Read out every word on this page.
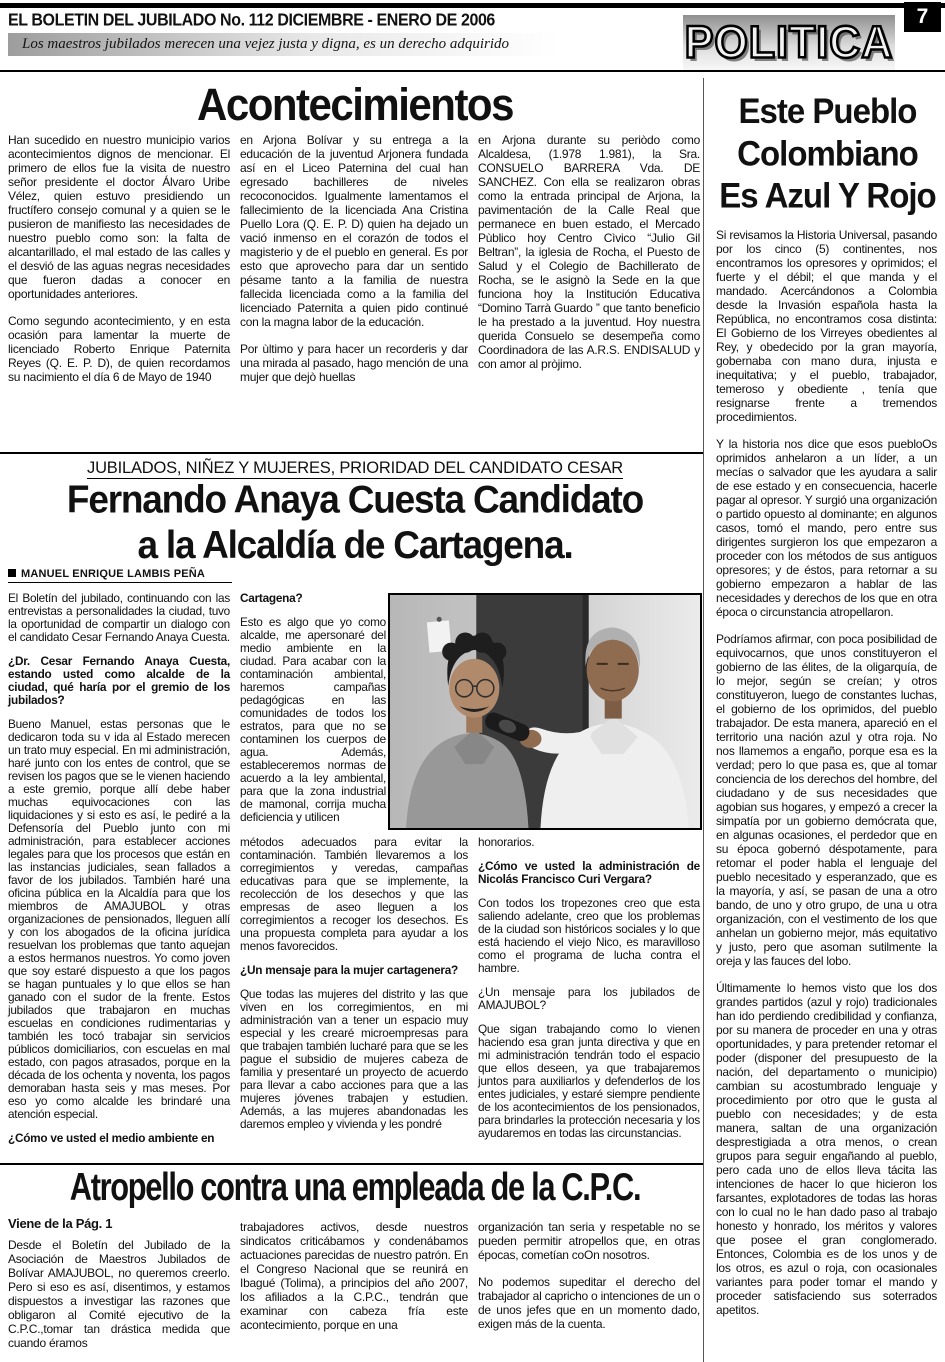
EL BOLETIN DEL JUBILADO No. 112 DICIEMBRE - ENERO DE 2006	7
POLITICA
Los maestros jubilados merecen una vejez justa y digna, es un derecho adquirido
Acontecimientos

Han sucedido en nuestro municipio varios acontecimientos dignos de mencionar. El primero de ellos fue la visita de nuestro señor presidente el doctor Álvaro Uribe Vélez, quien estuvo presidiendo un fructífero consejo comunal y a quien se le pusieron de manifiesto las necesidades de nuestro pueblo como son: la falta de alcantarillado, el mal estado de las calles y el desvió de las aguas negras necesidades que fueron dadas a conocer en oportunidades anteriores.

Como segundo acontecimiento, y en esta ocasión para lamentar la muerte de licenciado Roberto Enrique Paternita Reyes (Q. E. P. D), de quien recordamos su nacimiento el día 6 de Mayo de 1940

en Arjona Bolívar y su entrega a la educación de la juventud Arjonera fundada así en el Liceo Paternina del cual han egresado bachilleres de niveles recoconocidos. Igualmente lamentamos el fallecimiento de la licenciada Ana Cristina Puello Lora (Q. E. P. D) quien ha dejado un vació inmenso en el corazón de todos el magisterio y de el pueblo en general. Es por esto que aprovecho para dar un sentido pésame tanto a la familia de nuestra fallecida licenciada como a la familia del licenciado Paternita a quien pido continué con la magna labor de la educación.

Por ùltimo y para hacer un recorderis y dar una mirada al pasado, hago mención de una mujer que dejò huellas

en Arjona durante su periòdo como Alcaldesa, (1.978 1.981), la Sra. CONSUELO BARRERA Vda. DE SANCHEZ. Con ella se realizaron obras como la entrada principal de Arjona, la pavimentación de la Calle Real que permanece en buen estado, el Mercado Pùblico hoy Centro Cìvico “Julio Gil Beltran”, la iglesia de Rocha, el Puesto de Salud y el Colegio de Bachillerato de Rocha, se le asignò la Sede en la que funciona hoy la Institución Educativa “Domino Tarrà Guardo ” que tanto beneficio le ha prestado a la juventud. Hoy nuestra querida Consuelo se desempeña como Coordinadora de las A.R.S. ENDISALUD y con amor al pròjimo.

Este Pueblo
Colombiano
Es Azul Y Rojo

Si revisamos la Historia Universal, pasando por los cinco (5) continentes, nos encontramos los opresores y oprimidos; el fuerte y el débil; el que manda y el mandado. Acercándonos a Colombia desde la Invasión española hasta la República, no encontramos cosa distinta: El Gobierno de los Virreyes obedientes al Rey, y obedecido por la gran mayoría, gobernaba con mano dura, injusta e inequitativa; y el pueblo, trabajador, temeroso y obediente , tenía que resignarse frente a tremendos procedimientos.

Y la historia nos dice que esos puebloOs oprimidos anhelaron a un líder, a un mecías o salvador que les ayudara a salir de ese estado y en consecuencia, hacerle pagar al opresor. Y surgió una organización o partido opuesto al dominante; en algunos casos, tomó el mando, pero entre sus dirigentes surgieron los que empezaron a proceder con los métodos de sus antiguos opresores; y de éstos, para retornar a su gobierno empezaron a hablar de las necesidades y derechos de los que en otra época o circunstancia atropellaron.

Podríamos afirmar, con poca posibilidad de equivocarnos, que unos constituyeron el gobierno de las élites, de la oligarquía, de lo mejor, según se creían; y otros constituyeron, luego de constantes luchas, el gobierno de los oprimidos, del pueblo trabajador. De esta manera, apareció en el territorio una nación azul y otra roja. No nos llamemos a engaño, porque esa es la verdad; pero lo que pasa es, que al tomar conciencia de los derechos del hombre, del ciudadano y de sus necesidades que agobian sus hogares, y empezó a crecer la simpatía por un gobierno demócrata que, en algunas ocasiones, el perdedor que en su época gobernó déspotamente, para retomar el poder habla el lenguaje del pueblo necesitado y esperanzado, que es la mayoría, y así, se pasan de una a otro bando, de uno y otro grupo, de una u otra organización, con el vestimento de los que anhelan un gobierno mejor, más equitativo y justo, pero que asoman sutilmente la oreja y las fauces del lobo.

Últimamente lo hemos visto que los dos grandes partidos (azul y rojo) tradicionales han ido perdiendo credibilidad y confianza, por su manera de proceder en una y otras oportunidades, y para pretender retomar el poder (disponer del presupuesto de la nación, del departamento o municipio) cambian su acostumbrado lenguaje y procedimiento por otro que le gusta al pueblo con necesidades; y de esta manera, saltan de una organización desprestigiada a otra menos, o crean grupos para seguir engañando al pueblo, pero cada uno de ellos lleva tácita las intenciones de hacer lo que hicieron los farsantes, explotadores de todas las horas con lo cual no le han dado paso al trabajo honesto y honrado, los méritos y valores que posee el gran conglomerado. Entonces, Colombia es de los unos y de los otros, es azul o roja, con ocasionales variantes para poder tomar el mando y proceder satisfaciendo sus soterrados apetitos.

JUBILADOS, NIÑEZ Y MUJERES, PRIORIDAD DEL CANDIDATO CESAR
Fernando Anaya Cuesta Candidato
a la Alcaldía de Cartagena.
MANUEL ENRIQUE LAMBIS PEÑA

El Boletín del jubilado, continuando con las entrevistas a personalidades la ciudad, tuvo la oportunidad de compartir un dialogo con el candidato Cesar Fernando Anaya Cuesta.

¿Dr. Cesar Fernando Anaya Cuesta, estando usted como alcalde de la ciudad, qué haría por el gremio de los jubilados?

Bueno Manuel, estas personas que le dedicaron toda su v ida al Estado merecen un trato muy especial. En mi administración, haré junto con los entes de control, que se revisen los pagos que se le vienen haciendo a este gremio, porque allí debe haber muchas equivocaciones con las liquidaciones y si esto es así, le pediré a la Defensoría del Pueblo junto con mi administración, para establecer acciones legales para que los procesos que están en las instancias judiciales, sean fallados a favor de los jubilados. También haré una oficina pública en la Alcaldía para que los miembros de AMAJUBOL y otras organizaciones de pensionados, lleguen allí y con los abogados de la oficina jurídica resuelvan los problemas que tanto aquejan a estos hermanos nuestros. Yo como joven que soy estaré dispuesto a que los pagos se hagan puntuales y lo que ellos se han ganado con el sudor de la frente. Estos jubilados que trabajaron en muchas escuelas en condiciones rudimentarias y también les tocó trabajar sin servicios públicos domiciliarios, con escuelas en mal estado, con pagos atrasados, porque en la década de los ochenta y noventa, los pagos demoraban hasta seis y mas meses. Por eso yo como alcalde les brindaré una atención especial.

¿Cómo ve usted el medio ambiente en

Cartagena?

Esto es algo que yo como alcalde, me apersonaré del medio ambiente en la ciudad. Para acabar con la contaminación ambiental, haremos campañas pedagógicas en las comunidades de todos los estratos, para que no se contaminen los cuerpos de agua. Además, estableceremos normas de acuerdo a la ley ambiental, para que la zona industrial de mamonal, corrija mucha deficiencia y utilicen

métodos adecuados para evitar la contaminación. También llevaremos a los corregimientos y veredas, campañas educativas para que se implemente, la recolección de los desechos y que las empresas de aseo lleguen a los corregimientos a recoger los desechos. Es una propuesta completa para ayudar a los menos favorecidos.

¿Un mensaje para la mujer cartagenera?

Que todas las mujeres del distrito y las que viven en los corregimientos, en mi administración van a tener un espacio muy especial y les crearé microempresas para que trabajen también lucharé para que se les pague el subsidio de mujeres cabeza de familia y presentaré un proyecto de acuerdo para llevar a cabo acciones para que a las mujeres jóvenes trabajen y estudien. Además, a las mujeres abandonadas les daremos empleo y vivienda y les pondré

honorarios.

¿Cómo ve usted la administración de Nicolás Francisco Curi Vergara?

Con todos los tropezones creo que esta saliendo adelante, creo que los problemas de la ciudad son históricos sociales y lo que está haciendo el viejo Nico, es maravilloso como el programa de lucha contra el hambre.

¿Un mensaje para los jubilados de AMAJUBOL?

Que sigan trabajando como lo vienen haciendo esa gran junta directiva y que en mi administración tendrán todo el espacio que ellos deseen, ya que trabajaremos juntos para auxiliarlos y defenderlos de los entes judiciales, y estaré siempre pendiente de los acontecimientos de los pensionados, para brindarles la protección necesaria y los ayudaremos en todas las circunstancias.

Atropello contra una empleada de la C.P.C.
Viene de la Pág. 1

Desde el Boletín del Jubilado de la Asociación de Maestros Jubilados de Bolívar AMAJUBOL, no queremos creerlo. Pero si eso es así, disentimos, y estamos dispuestos a investigar las razones que obligaron al Comité ejecutivo de la C.P.C.,tomar tan drástica medida que cuando éramos

trabajadores activos, desde nuestros sindicatos criticábamos y condenábamos actuaciones parecidas de nuestro patrón. En el Congreso Nacional que se reunirá en Ibagué (Tolima), a principios del año 2007, los afiliados a la C.P.C., tendrán que examinar con cabeza fría este acontecimiento, porque en una

organización tan seria y respetable no se pueden permitir atropellos que, en otras épocas, cometían coOn nosotros.

No podemos supeditar el derecho del trabajador al capricho o intenciones de un o de unos jefes que en un momento dado, exigen más de la cuenta.
